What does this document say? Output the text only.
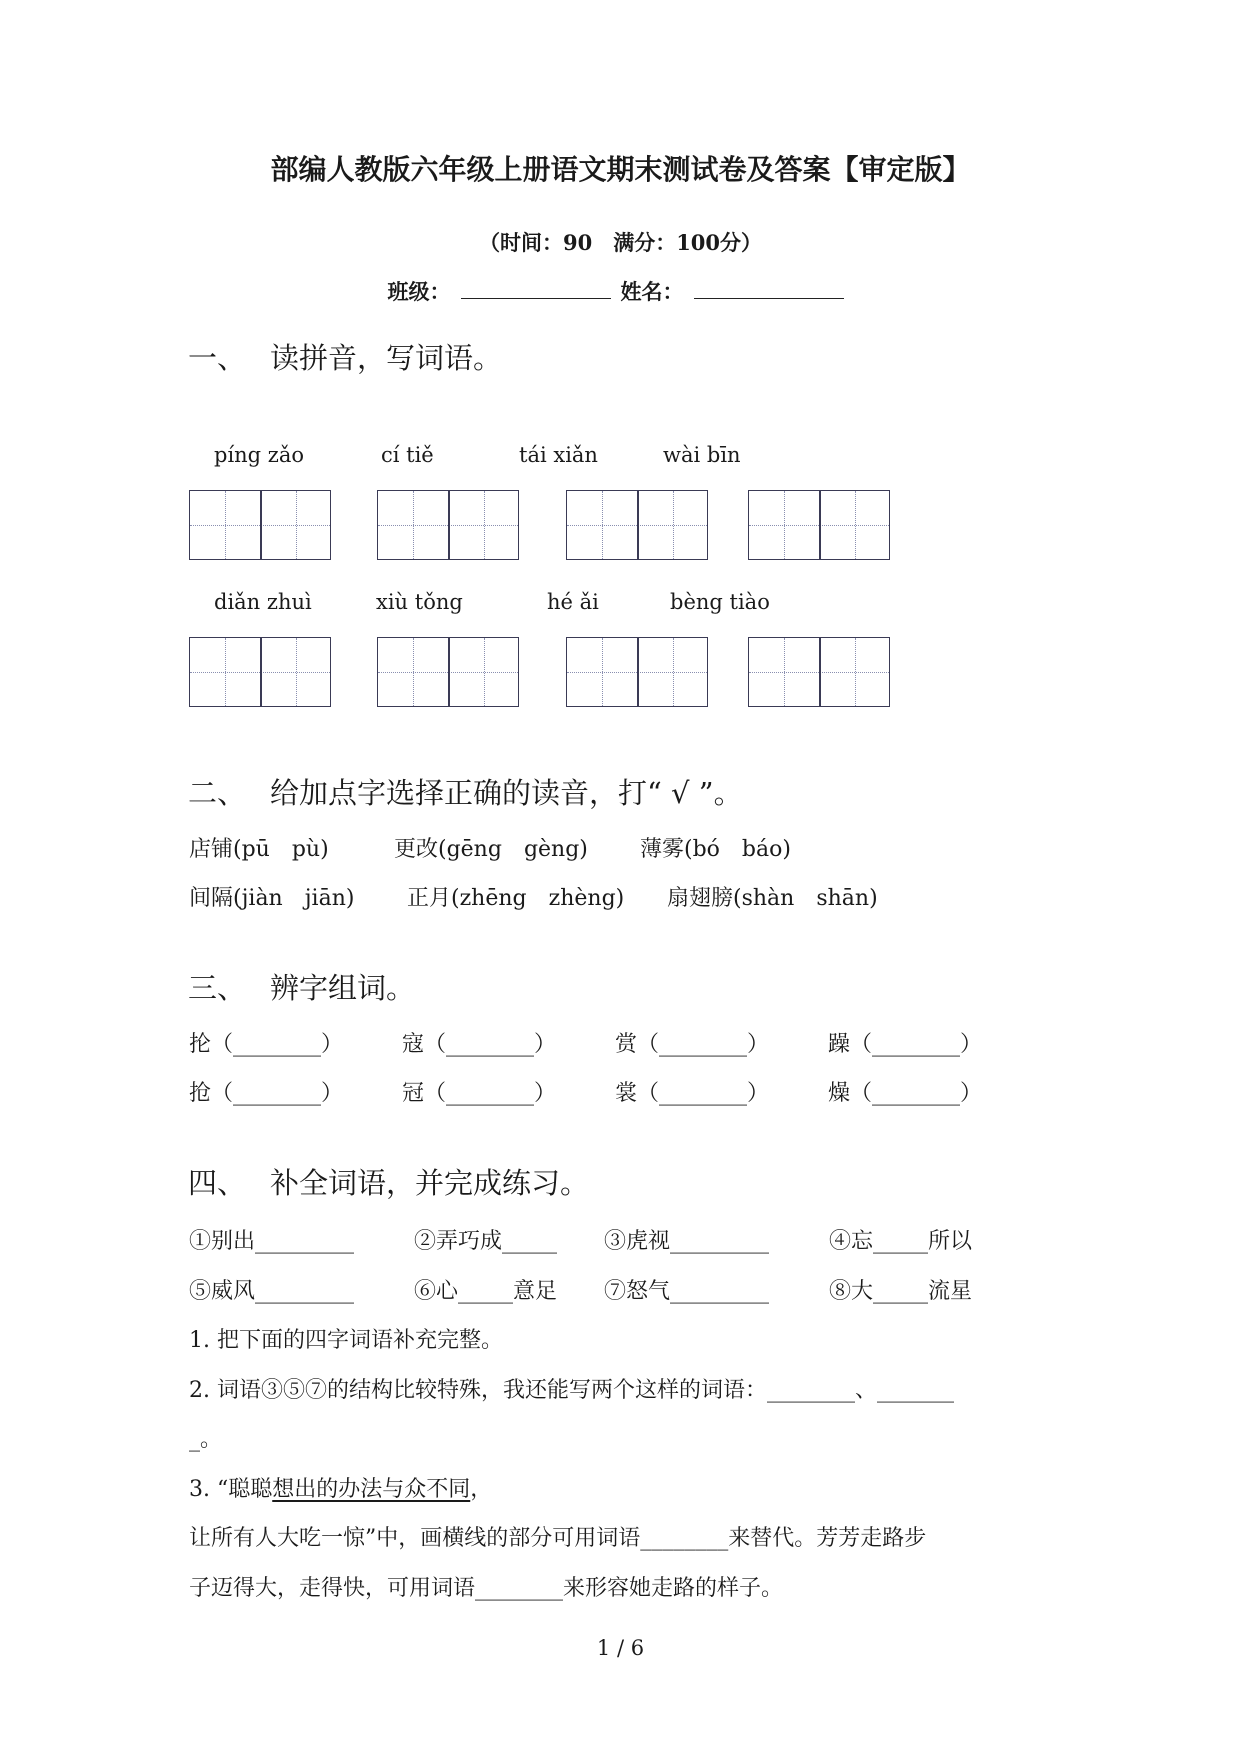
部编人教版六年级上册语文期末测试卷及答案【审定版】
（时间：90　满分：100分）
班级：	姓名：
一、 读拼音，写词语。
píng zǎo	cí tiě	tái xiǎn	wài bīn
diǎn zhuì	xiù tǒng	hé ǎi	bèng tiào
二、 给加点字选择正确的读音，打“ √ ”。
店铺(pū　pù)	更改(gēng　gèng) 薄雾(bó　báo)
间隔(jiàn　jiān) 正月(zhēng　zhèng) 扇翅膀(shàn　shān)
三、 辨字组词。
抡（________）	寇（________）	赏（________）	躁（________）
抢（________）	冠（________）	裳（________）	燥（________）
四、 补全词语，并完成练习。
①别出_________	②弄巧成_____ ③虎视_________	④忘_____所以
⑤威风_________	⑥心_____意足 ⑦怒气_________	⑧大_____流星
1. 把下面的四字词语补充完整。
2. 词语③⑤⑦的结构比较特殊，我还能写两个这样的词语：________、_______
_。
3. “聪聪想出的办法与众不同，
让所有人大吃一惊”中，画横线的部分可用词语________来替代。芳芳走路步
子迈得大，走得快，可用词语________来形容她走路的样子。
1 / 6
